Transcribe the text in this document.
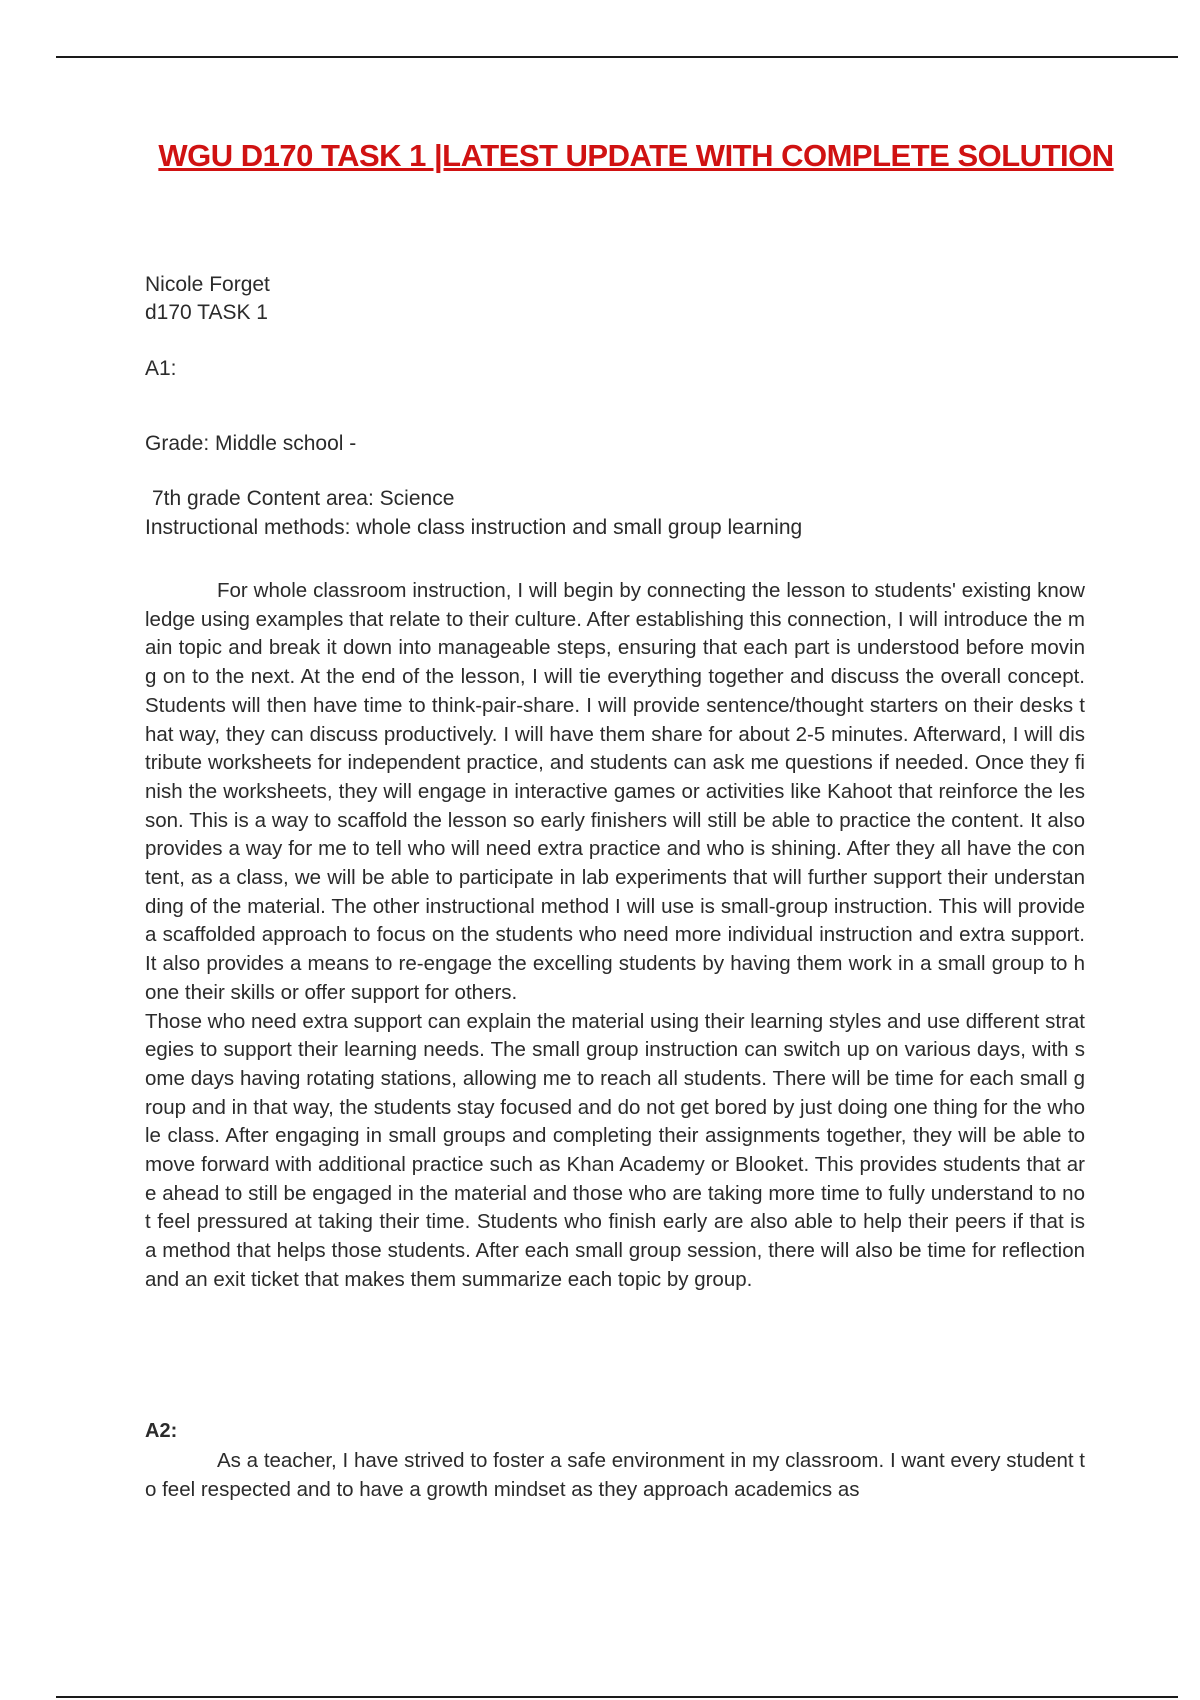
WGU D170 TASK 1 |LATEST UPDATE WITH COMPLETE SOLUTION

Nicole Forget

d170 TASK 1

A1:

Grade: Middle school -

7th grade Content area: Science

Instructional methods: whole class instruction and small group learning

For whole classroom instruction, I will begin by connecting the lesson to students' existing knowledge using examples that relate to their culture. After establishing this connection, I will introduce the main topic and break it down into manageable steps, ensuring that each part is understood before moving on to the next. At the end of the lesson, I will tie everything together and discuss the overall concept. Students will then have time to think-pair-share. I will provide sentence/thought starters on their desks that way, they can discuss productively. I will have them share for about 2-5 minutes. Afterward, I will distribute worksheets for independent practice, and students can ask me questions if needed. Once they finish the worksheets, they will engage in interactive games or activities like Kahoot that reinforce the lesson. This is a way to scaffold the lesson so early finishers will still be able to practice the content. It also provides a way for me to tell who will need extra practice and who is shining. After they all have the content, as a class, we will be able to participate in lab experiments that will further support their understanding of the material. The other instructional method I will use is small-group instruction. This will provide a scaffolded approach to focus on the students who need more individual instruction and extra support. It also provides a means to re-engage the excelling students by having them work in a small group to hone their skills or offer support for others.
Those who need extra support can explain the material using their learning styles and use different strategies to support their learning needs. The small group instruction can switch up on various days, with some days having rotating stations, allowing me to reach all students. There will be time for each small group and in that way, the students stay focused and do not get bored by just doing one thing for the whole class. After engaging in small groups and completing their assignments together, they will be able to move forward with additional practice such as Khan Academy or Blooket. This provides students that are ahead to still be engaged in the material and those who are taking more time to fully understand to not feel pressured at taking their time. Students who finish early are also able to help their peers if that is a method that helps those students. After each small group session, there will also be time for reflection and an exit ticket that makes them summarize each topic by group.

A2:

As a teacher, I have strived to foster a safe environment in my classroom. I want every student to feel respected and to have a growth mindset as they approach academics as
